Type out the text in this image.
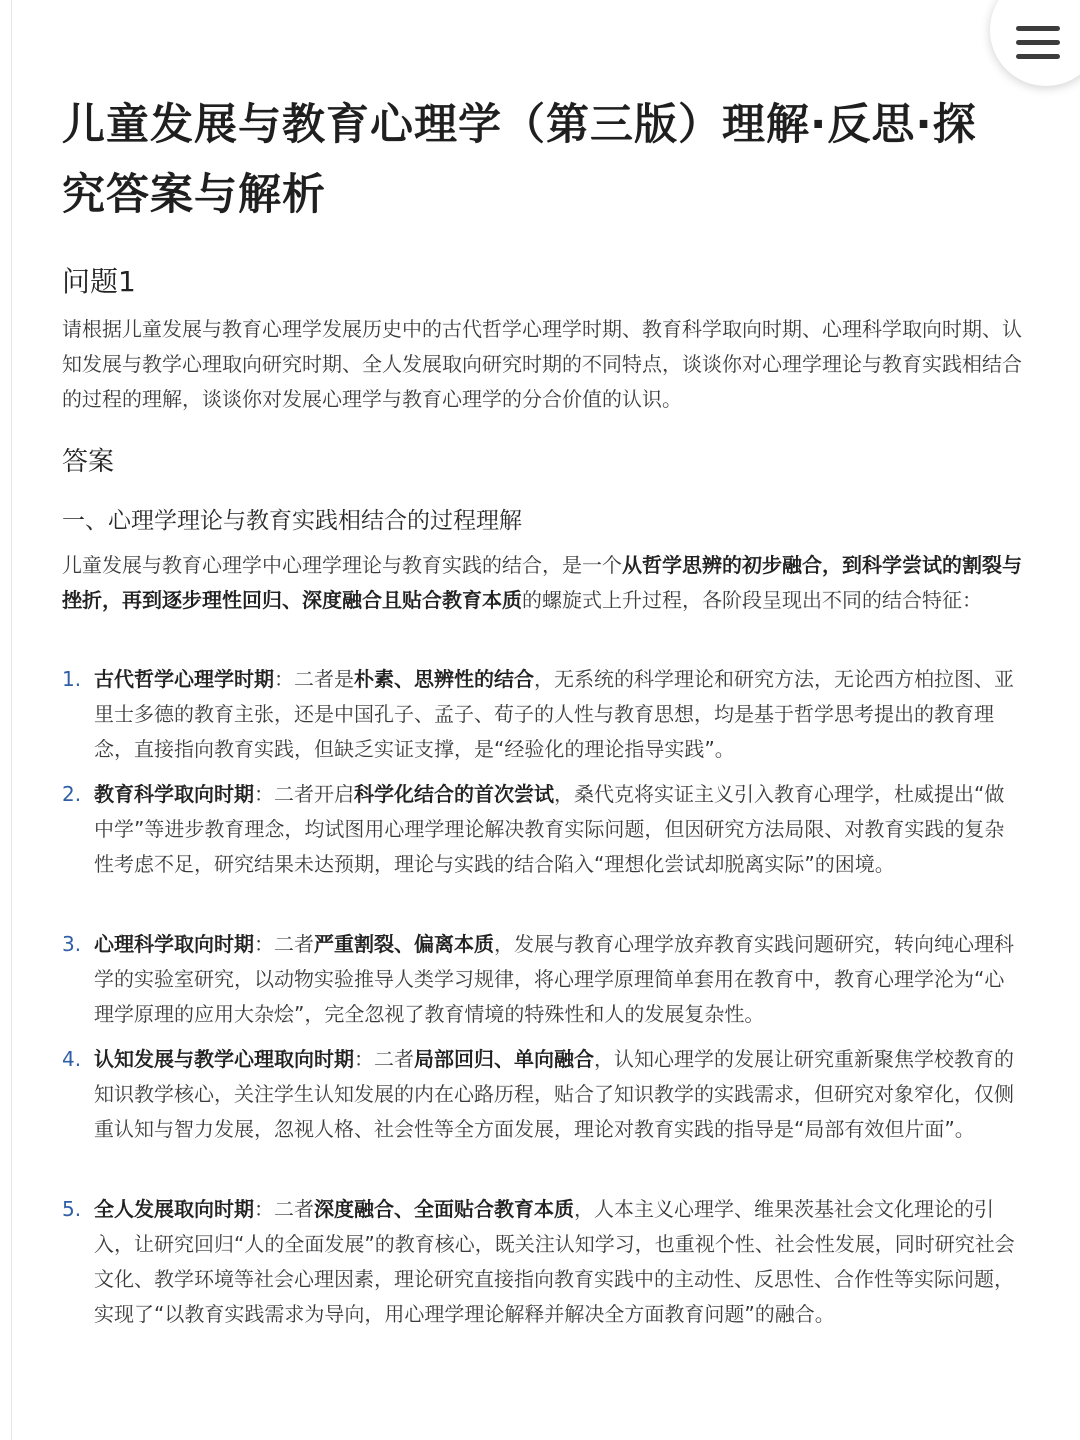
儿童发展与教育心理学（第三版）理解·反思·探究答案与解析
问题1

请根据儿童发展与教育心理学发展历史中的古代哲学心理学时期、教育科学取向时期、心理科学取向时期、认知发展与教学心理取向研究时期、全人发展取向研究时期的不同特点，谈谈你对心理学理论与教育实践相结合的过程的理解，谈谈你对发展心理学与教育心理学的分合价值的认识。

答案
一、心理学理论与教育实践相结合的过程理解

儿童发展与教育心理学中心理学理论与教育实践的结合，是一个从哲学思辨的初步融合，到科学尝试的割裂与挫折，再到逐步理性回归、深度融合且贴合教育本质的螺旋式上升过程，各阶段呈现出不同的结合特征：

1. 古代哲学心理学时期：二者是朴素、思辨性的结合，无系统的科学理论和研究方法，无论西方柏拉图、亚里士多德的教育主张，还是中国孔子、孟子、荀子的人性与教育思想，均是基于哲学思考提出的教育理念，直接指向教育实践，但缺乏实证支撑，是“经验化的理论指导实践”。
2. 教育科学取向时期：二者开启科学化结合的首次尝试，桑代克将实证主义引入教育心理学，杜威提出“做中学”等进步教育理念，均试图用心理学理论解决教育实际问题，但因研究方法局限、对教育实践的复杂性考虑不足，研究结果未达预期，理论与实践的结合陷入“理想化尝试却脱离实际”的困境。
3. 心理科学取向时期：二者严重割裂、偏离本质，发展与教育心理学放弃教育实践问题研究，转向纯心理科学的实验室研究，以动物实验推导人类学习规律，将心理学原理简单套用在教育中，教育心理学沦为“心理学原理的应用大杂烩”，完全忽视了教育情境的特殊性和人的发展复杂性。
4. 认知发展与教学心理取向时期：二者局部回归、单向融合，认知心理学的发展让研究重新聚焦学校教育的知识教学核心，关注学生认知发展的内在心路历程，贴合了知识教学的实践需求，但研究对象窄化，仅侧重认知与智力发展，忽视人格、社会性等全方面发展，理论对教育实践的指导是“局部有效但片面”。
5. 全人发展取向时期：二者深度融合、全面贴合教育本质，人本主义心理学、维果茨基社会文化理论的引入，让研究回归“人的全面发展”的教育核心，既关注认知学习，也重视个性、社会性发展，同时研究社会文化、教学环境等社会心理因素，理论研究直接指向教育实践中的主动性、反思性、合作性等实际问题，实现了“以教育实践需求为导向，用心理学理论解释并解决全方面教育问题”的融合。
